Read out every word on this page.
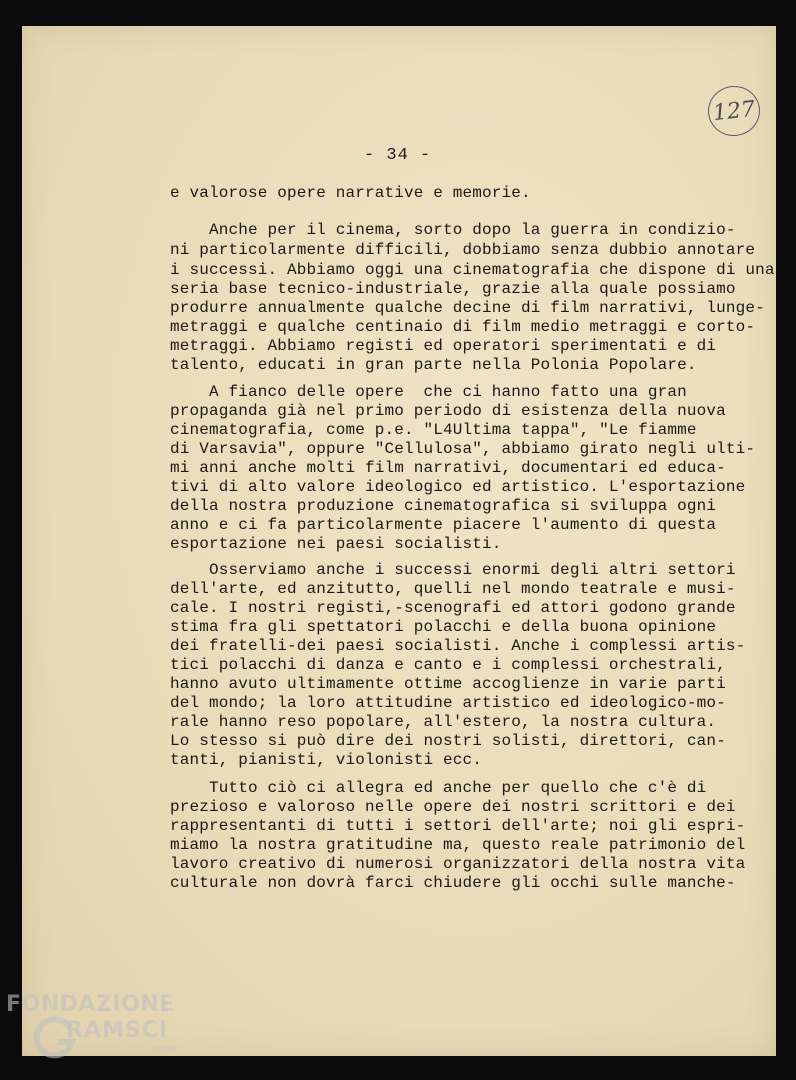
127
- 34 -
e valorose opere narrative e memorie.
Anche per il cinema, sorto dopo la guerra in condizio-
ni particolarmente difficili, dobbiamo senza dubbio annotare
i successi. Abbiamo oggi una cinematografia che dispone di una
seria base tecnico-industriale, grazie alla quale possiamo
produrre annualmente qualche decine di film narrativi, lunge-
metraggi e qualche centinaio di film medio metraggi e corto-
metraggi. Abbiamo registi ed operatori sperimentati e di
talento, educati in gran parte nella Polonia Popolare.
A fianco delle opere  che ci hanno fatto una gran
propaganda già nel primo periodo di esistenza della nuova
cinematografia, come p.e. "L4Ultima tappa", "Le fiamme
di Varsavia", oppure "Cellulosa", abbiamo girato negli ulti-
mi anni anche molti film narrativi, documentari ed educa-
tivi di alto valore ideologico ed artistico. L'esportazione
della nostra produzione cinematografica si sviluppa ogni
anno e ci fa particolarmente piacere l'aumento di questa
esportazione nei paesi socialisti.
Osserviamo anche i successi enormi degli altri settori
dell'arte, ed anzitutto, quelli nel mondo teatrale e musi-
cale. I nostri registi,-scenografi ed attori godono grande
stima fra gli spettatori polacchi e della buona opinione
dei fratelli-dei paesi socialisti. Anche i complessi artis-
tici polacchi di danza e canto e i complessi orchestrali,
hanno avuto ultimamente ottime accoglienze in varie parti
del mondo; la loro attitudine artistico ed ideologico-mo-
rale hanno reso popolare, all'estero, la nostra cultura.
Lo stesso si può dire dei nostri solisti, direttori, can-
tanti, pianisti, violonisti ecc.
Tutto ciò ci allegra ed anche per quello che c'è di
prezioso e valoroso nelle opere dei nostri scrittori e dei
rappresentanti di tutti i settori dell'arte; noi gli espri-
miamo la nostra gratitudine ma, questo reale patrimonio del
lavoro creativo di numerosi organizzatori della nostra vita
culturale non dovrà farci chiudere gli occhi sulle manche-
FONDAZIONE
RAMSCI
onlus
